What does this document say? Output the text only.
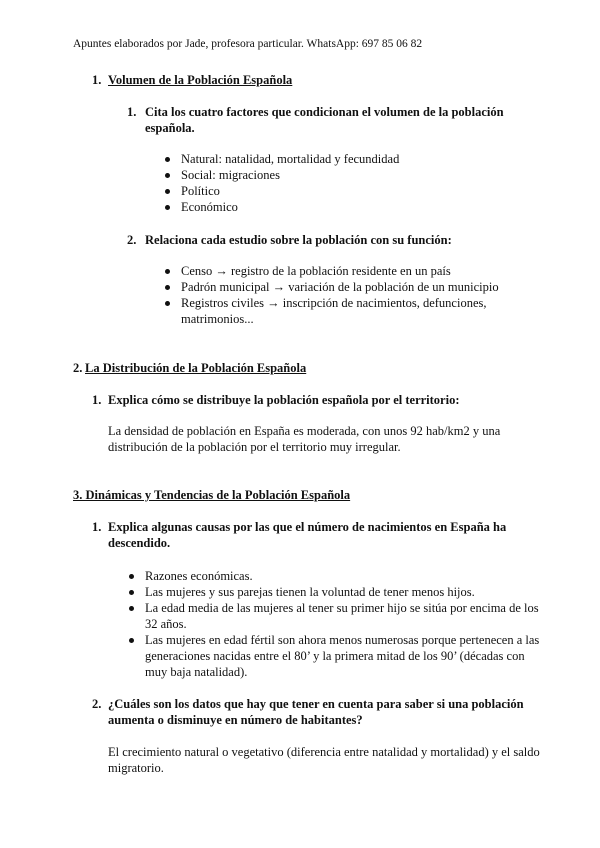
Apuntes elaborados por Jade, profesora particular. WhatsApp: 697 85 06 82
1. Volumen de la Población Española
1. Cita los cuatro factores que condicionan el volumen de la población
española.
Natural: natalidad, mortalidad y fecundidad
Social: migraciones
Político
Económico
2. Relaciona cada estudio sobre la población con su función:
Censo → registro de la población residente en un país
Padrón municipal → variación de la población de un municipio
Registros civiles → inscripción de nacimientos, defunciones,
matrimonios...
2. La Distribución de la Población Española
1. Explica cómo se distribuye la población española por el territorio:
La densidad de población en España es moderada, con unos 92 hab/km2 y una
distribución de la población por el territorio muy irregular.
3. Dinámicas y Tendencias de la Población Española
1. Explica algunas causas por las que el número de nacimientos en España ha
descendido.
Razones económicas.
Las mujeres y sus parejas tienen la voluntad de tener menos hijos.
La edad media de las mujeres al tener su primer hijo se sitúa por encima de los
32 años.
Las mujeres en edad fértil son ahora menos numerosas porque pertenecen a las
generaciones nacidas entre el 80’ y la primera mitad de los 90’ (décadas con
muy baja natalidad).
2. ¿Cuáles son los datos que hay que tener en cuenta para saber si una población
aumenta o disminuye en número de habitantes?
El crecimiento natural o vegetativo (diferencia entre natalidad y mortalidad) y el saldo
migratorio.
